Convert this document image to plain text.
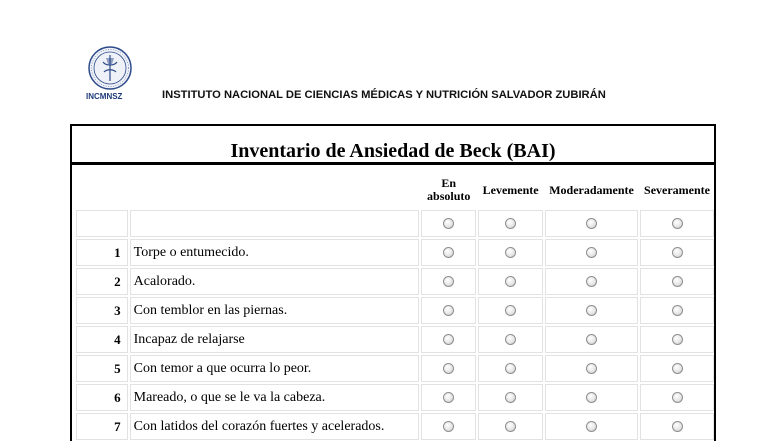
INCMNSZ	INSTITUTO NACIONAL DE CIENCIAS MÉDICAS Y NUTRICIÓN SALVADOR ZUBIRÁN
Inventario de Ansiedad de Beck (BAI)
		En absoluto	Levemente	Moderadamente	Severamente

1	Torpe o entumecido.				
2	Acalorado.				
3	Con temblor en las piernas.				
4	Incapaz de relajarse				
5	Con temor a que ocurra lo peor.				
6	Mareado, o que se le va la cabeza.				
7	Con latidos del corazón fuertes y acelerados.				
